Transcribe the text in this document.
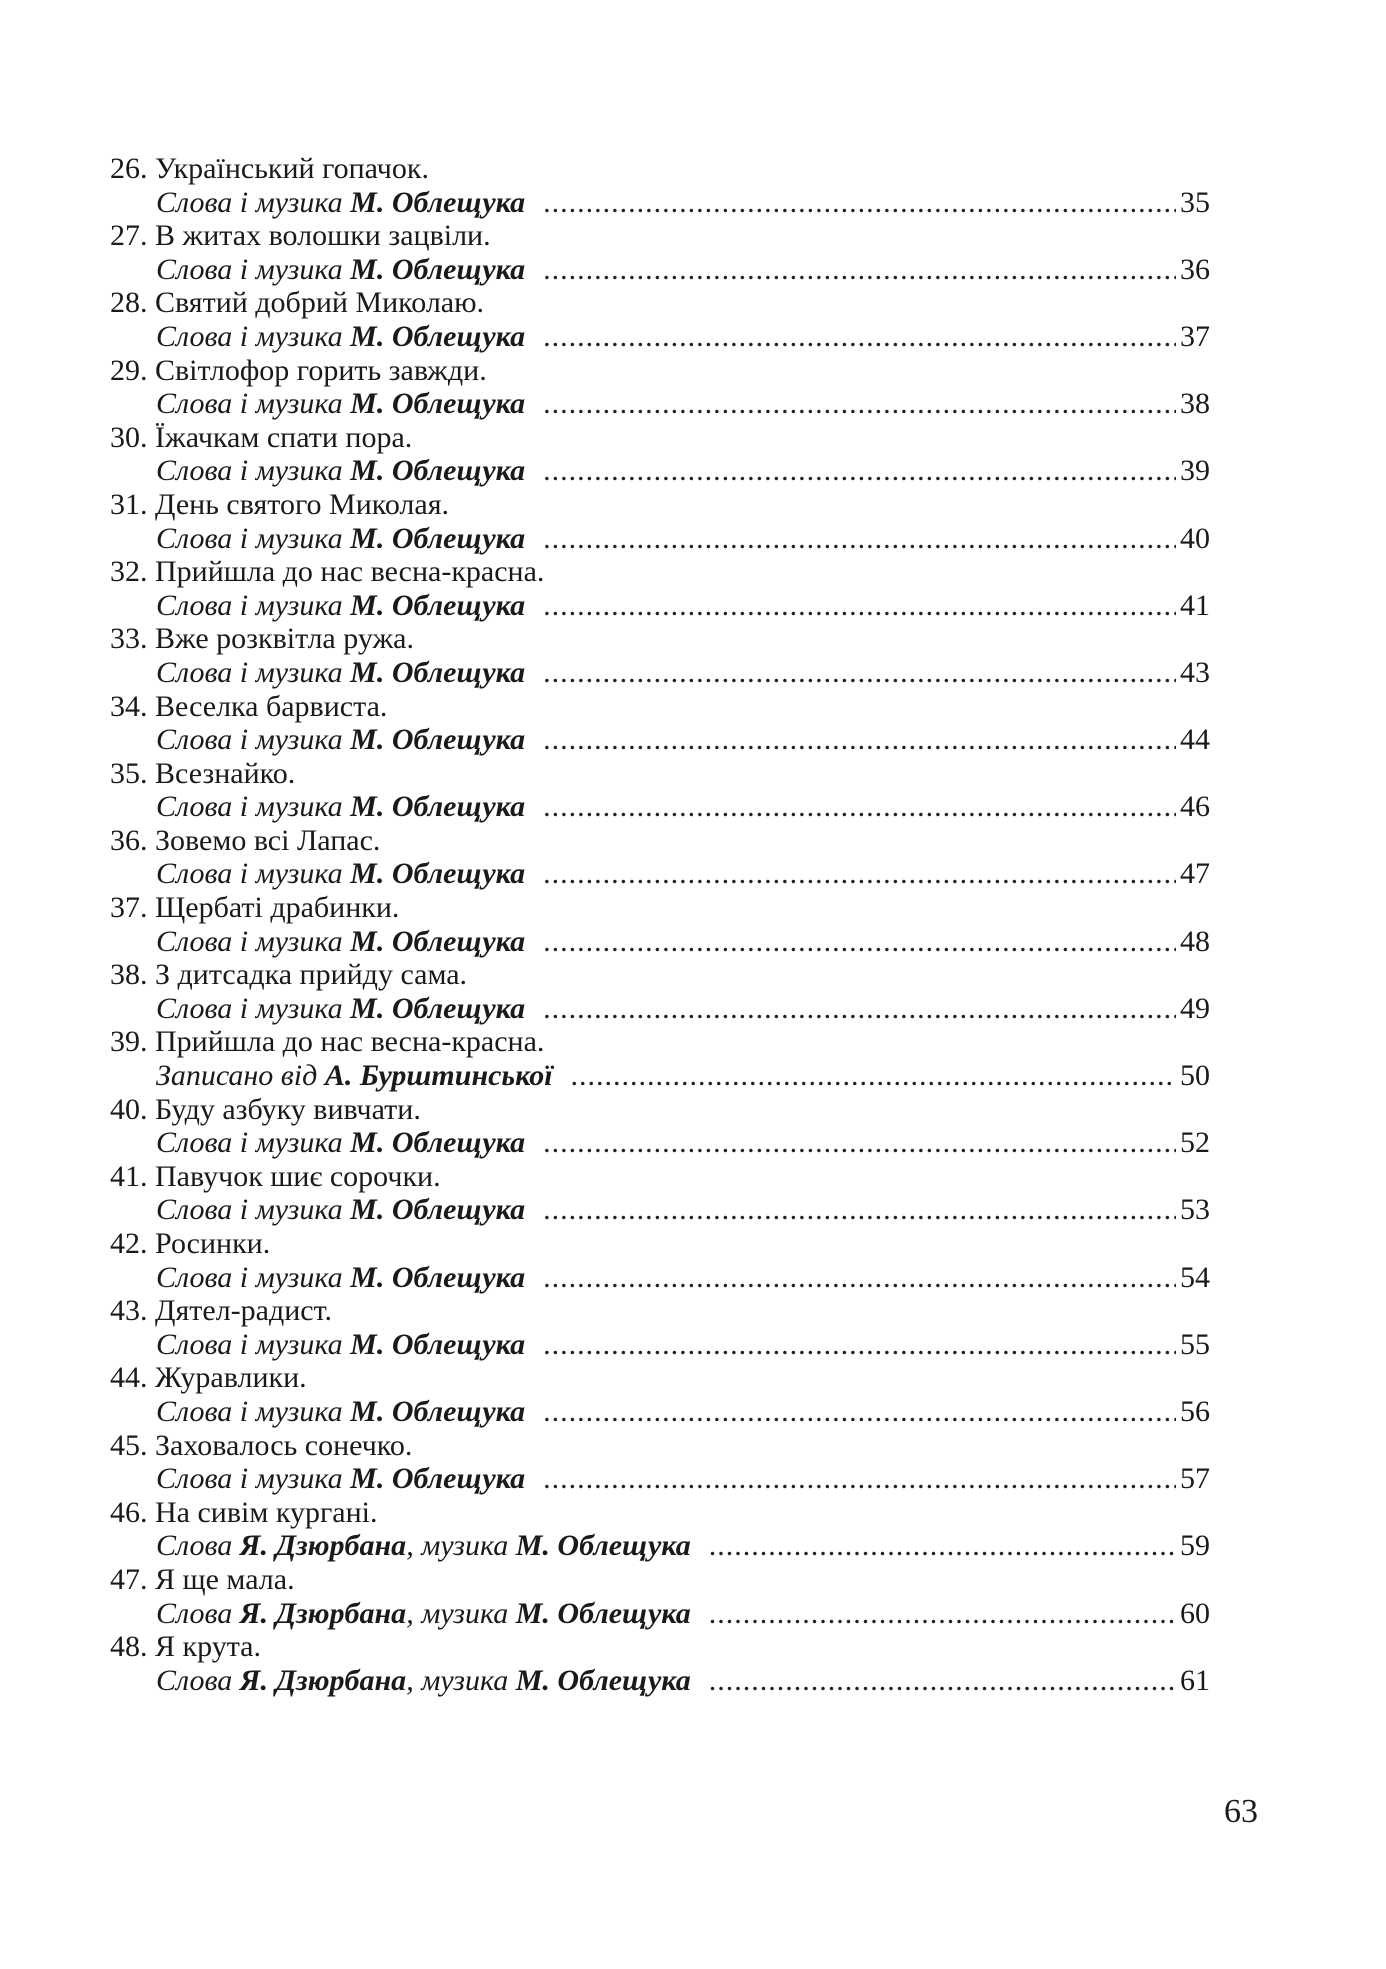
26. Український гопачок.
Слова і музика М. Облещука .....	35
27. В житах волошки зацвіли.
Слова і музика М. Облещука .....	36
28. Святий добрий Миколаю.
Слова і музика М. Облещука .....	37
29. Світлофор горить завжди.
Слова і музика М. Облещука .....	38
30. Їжачкам спати пора.
Слова і музика М. Облещука .....	39
31. День святого Миколая.
Слова і музика М. Облещука .....	40
32. Прийшла до нас весна-красна.
Слова і музика М. Облещука .....	41
33. Вже розквітла ружа.
Слова і музика М. Облещука .....	43
34. Веселка барвиста.
Слова і музика М. Облещука .....	44
35. Всезнайко.
Слова і музика М. Облещука .....	46
36. Зовемо всі Лапас.
Слова і музика М. Облещука .....	47
37. Щербаті драбинки.
Слова і музика М. Облещука .....	48
38. З дитсадка прийду сама.
Слова і музика М. Облещука .....	49
39. Прийшла до нас весна-красна.
Записано від А. Бурштинської .....	50
40. Буду азбуку вивчати.
Слова і музика М. Облещука .....	52
41. Павучок шиє сорочки.
Слова і музика М. Облещука .....	53
42. Росинки.
Слова і музика М. Облещука .....	54
43. Дятел-радист.
Слова і музика М. Облещука .....	55
44. Журавлики.
Слова і музика М. Облещука .....	56
45. Заховалось сонечко.
Слова і музика М. Облещука .....	57
46. На сивім кургані.
Слова Я. Дзюрбана, музика М. Облещука .....	59
47. Я ще мала.
Слова Я. Дзюрбана, музика М. Облещука .....	60
48. Я крута.
Слова Я. Дзюрбана, музика М. Облещука .....	61
63
